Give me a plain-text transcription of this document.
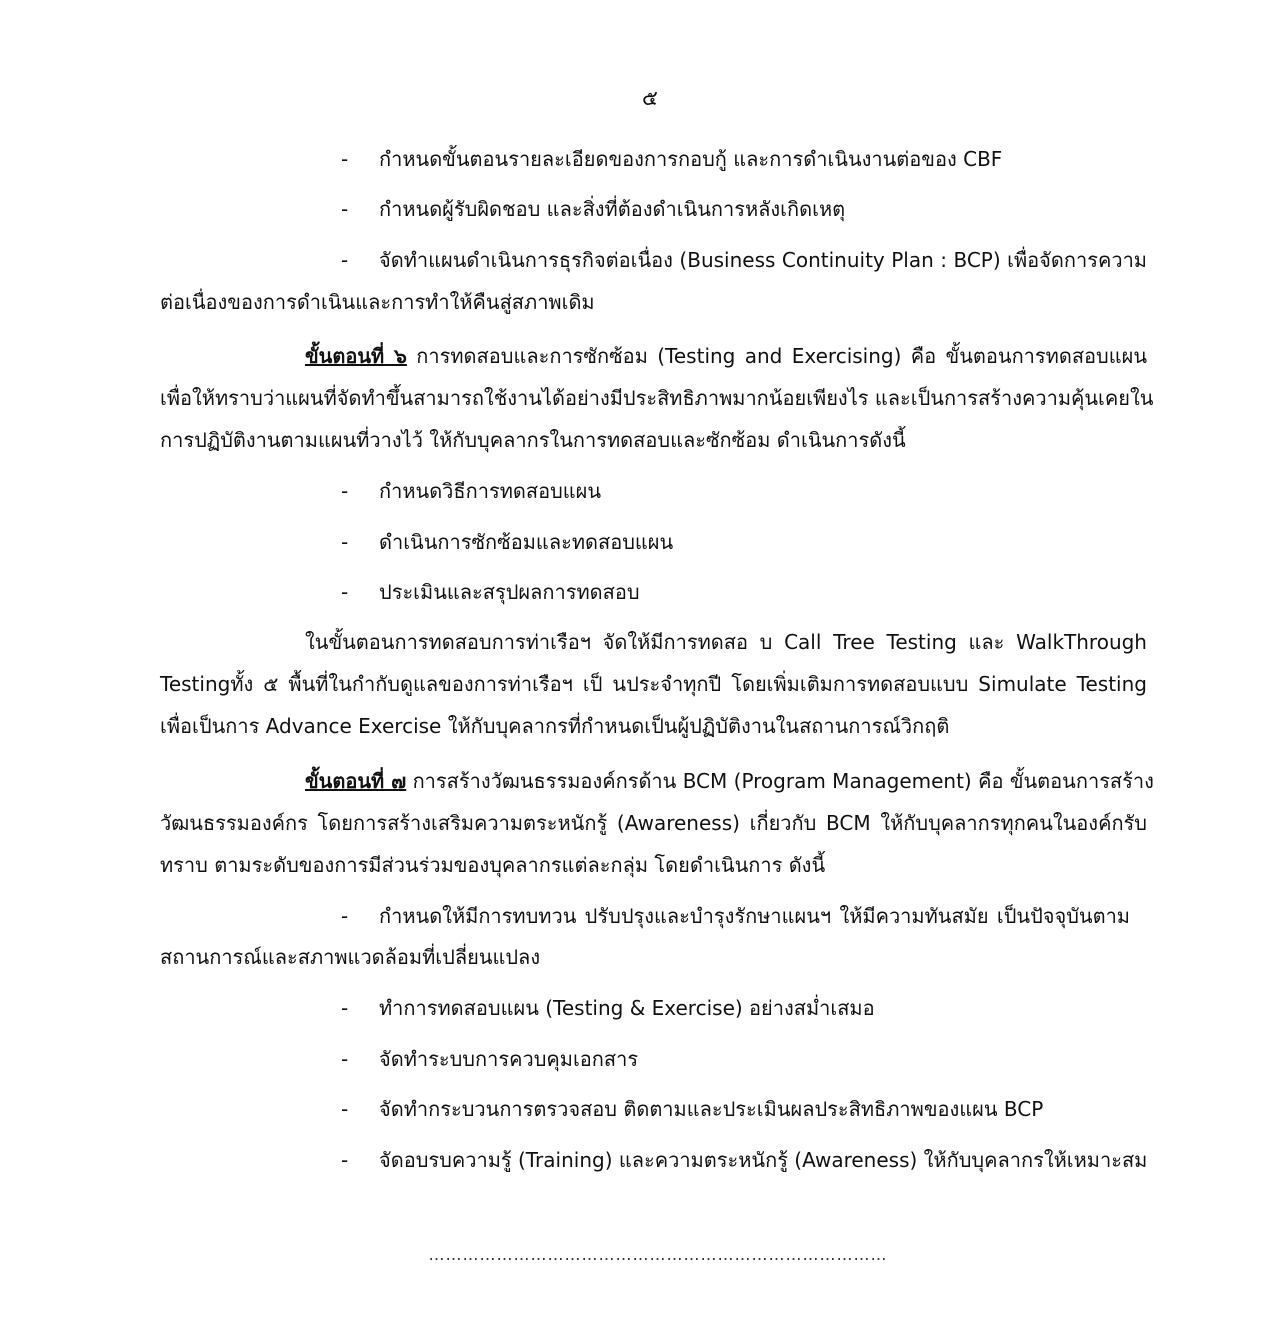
๕
- กำหนดขั้นตอนรายละเอียดของการกอบกู้ และการดำเนินงานต่อของ CBF
- กำหนดผู้รับผิดชอบ และสิ่งที่ต้องดำเนินการหลังเกิดเหตุ
- จัดทำแผนดำเนินการธุรกิจต่อเนื่อง (Business Continuity Plan : BCP) เพื่อจัดการความ
ต่อเนื่องของการดำเนินและการทำให้คืนสู่สภาพเดิม
ขั้นตอนที่ ๖ การทดสอบและการซักซ้อม (Testing and Exercising) คือ ขั้นตอนการทดสอบแผน
เพื่อให้ทราบว่าแผนที่จัดทำขึ้นสามารถใช้งานได้อย่างมีประสิทธิภาพมากน้อยเพียงไร และเป็นการสร้างความคุ้นเคยใน
การปฏิบัติงานตามแผนที่วางไว้ ให้กับบุคลากรในการทดสอบและซักซ้อม ดำเนินการดังนี้
- กำหนดวิธีการทดสอบแผน
- ดำเนินการซักซ้อมและทดสอบแผน
- ประเมินและสรุปผลการทดสอบ
ในขั้นตอนการทดสอบการท่าเรือฯ จัดให้มีการทดสอ บ Call Tree Testing และ WalkThrough
Testingทั้ง ๕ พื้นที่ในกำกับดูแลของการท่าเรือฯ เป็ นประจำทุกปี โดยเพิ่มเติมการทดสอบแบบ Simulate Testing
เพื่อเป็นการ Advance Exercise ให้กับบุคลากรที่กำหนดเป็นผู้ปฏิบัติงานในสถานการณ์วิกฤติ
ขั้นตอนที่ ๗ การสร้างวัฒนธรรมองค์กรด้าน BCM (Program Management) คือ ขั้นตอนการสร้าง
วัฒนธรรมองค์กร โดยการสร้างเสริมความตระหนักรู้ (Awareness) เกี่ยวกับ BCM ให้กับบุคลากรทุกคนในองค์กรับ
ทราบ ตามระดับของการมีส่วนร่วมของบุคลากรแต่ละกลุ่ม โดยดำเนินการ ดังนี้
- กำหนดให้มีการทบทวน ปรับปรุงและบำรุงรักษาแผนฯ ให้มีความทันสมัย เป็นปัจจุบันตาม
สถานการณ์และสภาพแวดล้อมที่เปลี่ยนแปลง
- ทำการทดสอบแผน (Testing & Exercise) อย่างสม่ำเสมอ
- จัดทำระบบการควบคุมเอกสาร
- จัดทำกระบวนการตรวจสอบ ติดตามและประเมินผลประสิทธิภาพของแผน BCP
- จัดอบรบความรู้ (Training) และความตระหนักรู้ (Awareness) ให้กับบุคลากรให้เหมาะสม
………………………………………………………………………
